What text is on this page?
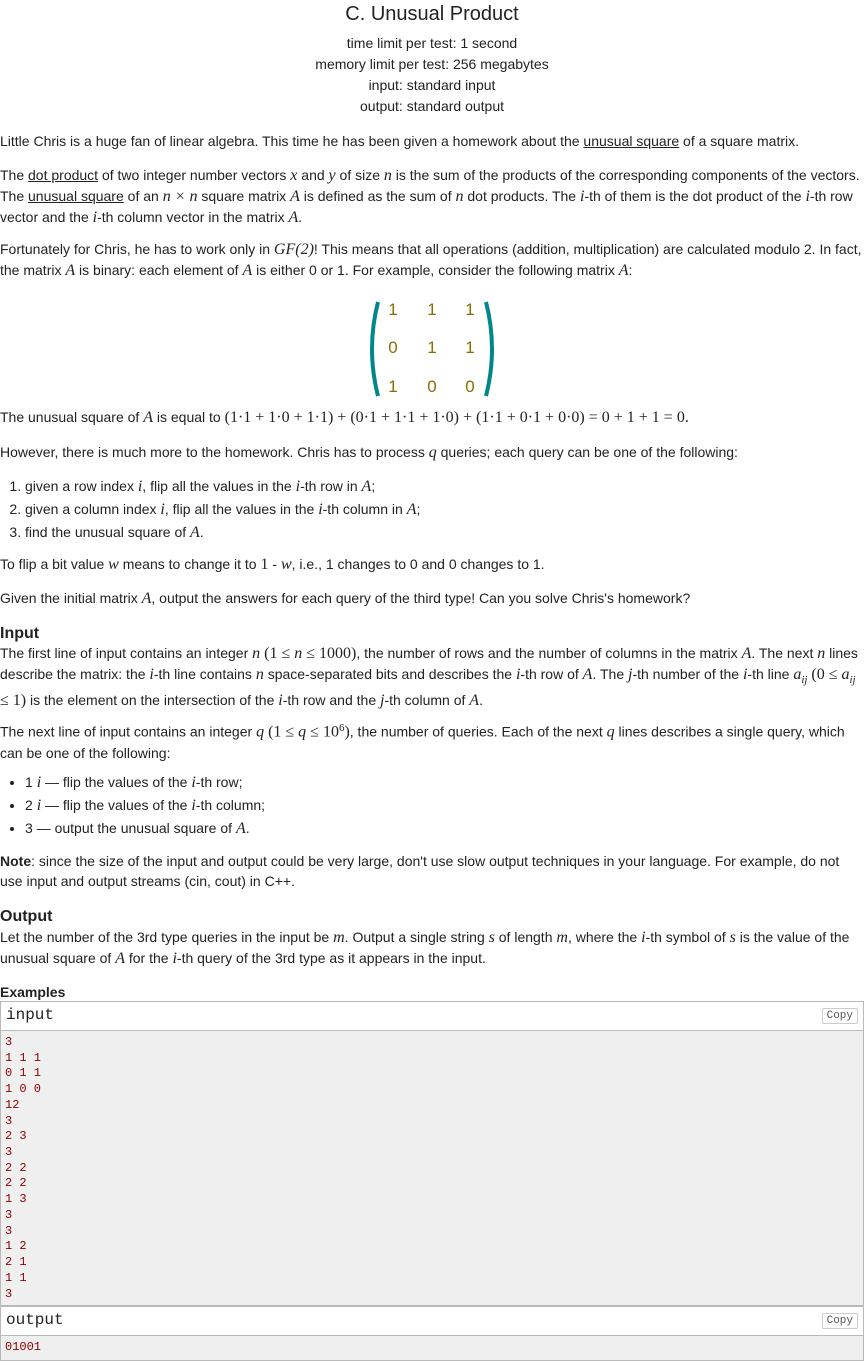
C. Unusual Product
time limit per test: 1 second
memory limit per test: 256 megabytes
input: standard input
output: standard output

Little Chris is a huge fan of linear algebra. This time he has been given a homework about the unusual square of a square matrix.

The dot product of two integer number vectors x and y of size n is the sum of the products of the corresponding components of the vectors. The unusual square of an n × n square matrix A is defined as the sum of n dot products. The i-th of them is the dot product of the i-th row vector and the i-th column vector in the matrix A.

Fortunately for Chris, he has to work only in GF(2)! This means that all operations (addition, multiplication) are calculated modulo 2. In fact, the matrix A is binary: each element of A is either 0 or 1. For example, consider the following matrix A:

1	1	1
0	1	1
1	0	0

The unusual square of A is equal to (1·1 + 1·0 + 1·1) + (0·1 + 1·1 + 1·0) + (1·1 + 0·1 + 0·0) = 0 + 1 + 1 = 0.

However, there is much more to the homework. Chris has to process q queries; each query can be one of the following:

1. given a row index i, flip all the values in the i-th row in A;
2. given a column index i, flip all the values in the i-th column in A;
3. find the unusual square of A.

To flip a bit value w means to change it to 1 - w, i.e., 1 changes to 0 and 0 changes to 1.

Given the initial matrix A, output the answers for each query of the third type! Can you solve Chris's homework?

Input

The first line of input contains an integer n (1 ≤ n ≤ 1000), the number of rows and the number of columns in the matrix A. The next n lines describe the matrix: the i-th line contains n space-separated bits and describes the i-th row of A. The j-th number of the i-th line $a_{ij}$ $(0 \le a_{ij} \le 1)$ is the element on the intersection of the i-th row and the j-th column of A.

The next line of input contains an integer q $(1 \le q \le 10^6)$, the number of queries. Each of the next q lines describes a single query, which can be one of the following:

• 1 i — flip the values of the i-th row;
• 2 i — flip the values of the i-th column;
• 3 — output the unusual square of A.

Note: since the size of the input and output could be very large, don't use slow output techniques in your language. For example, do not use input and output streams (cin, cout) in C++.

Output

Let the number of the 3rd type queries in the input be m. Output a single string s of length m, where the i-th symbol of s is the value of the unusual square of A for the i-th query of the 3rd type as it appears in the input.

Examples
input	Copy
3
1 1 1
0 1 1
1 0 0
12
3
2 3
3
2 2
2 2
1 3
3
3
1 2
2 1
1 1
3
output	Copy
01001
